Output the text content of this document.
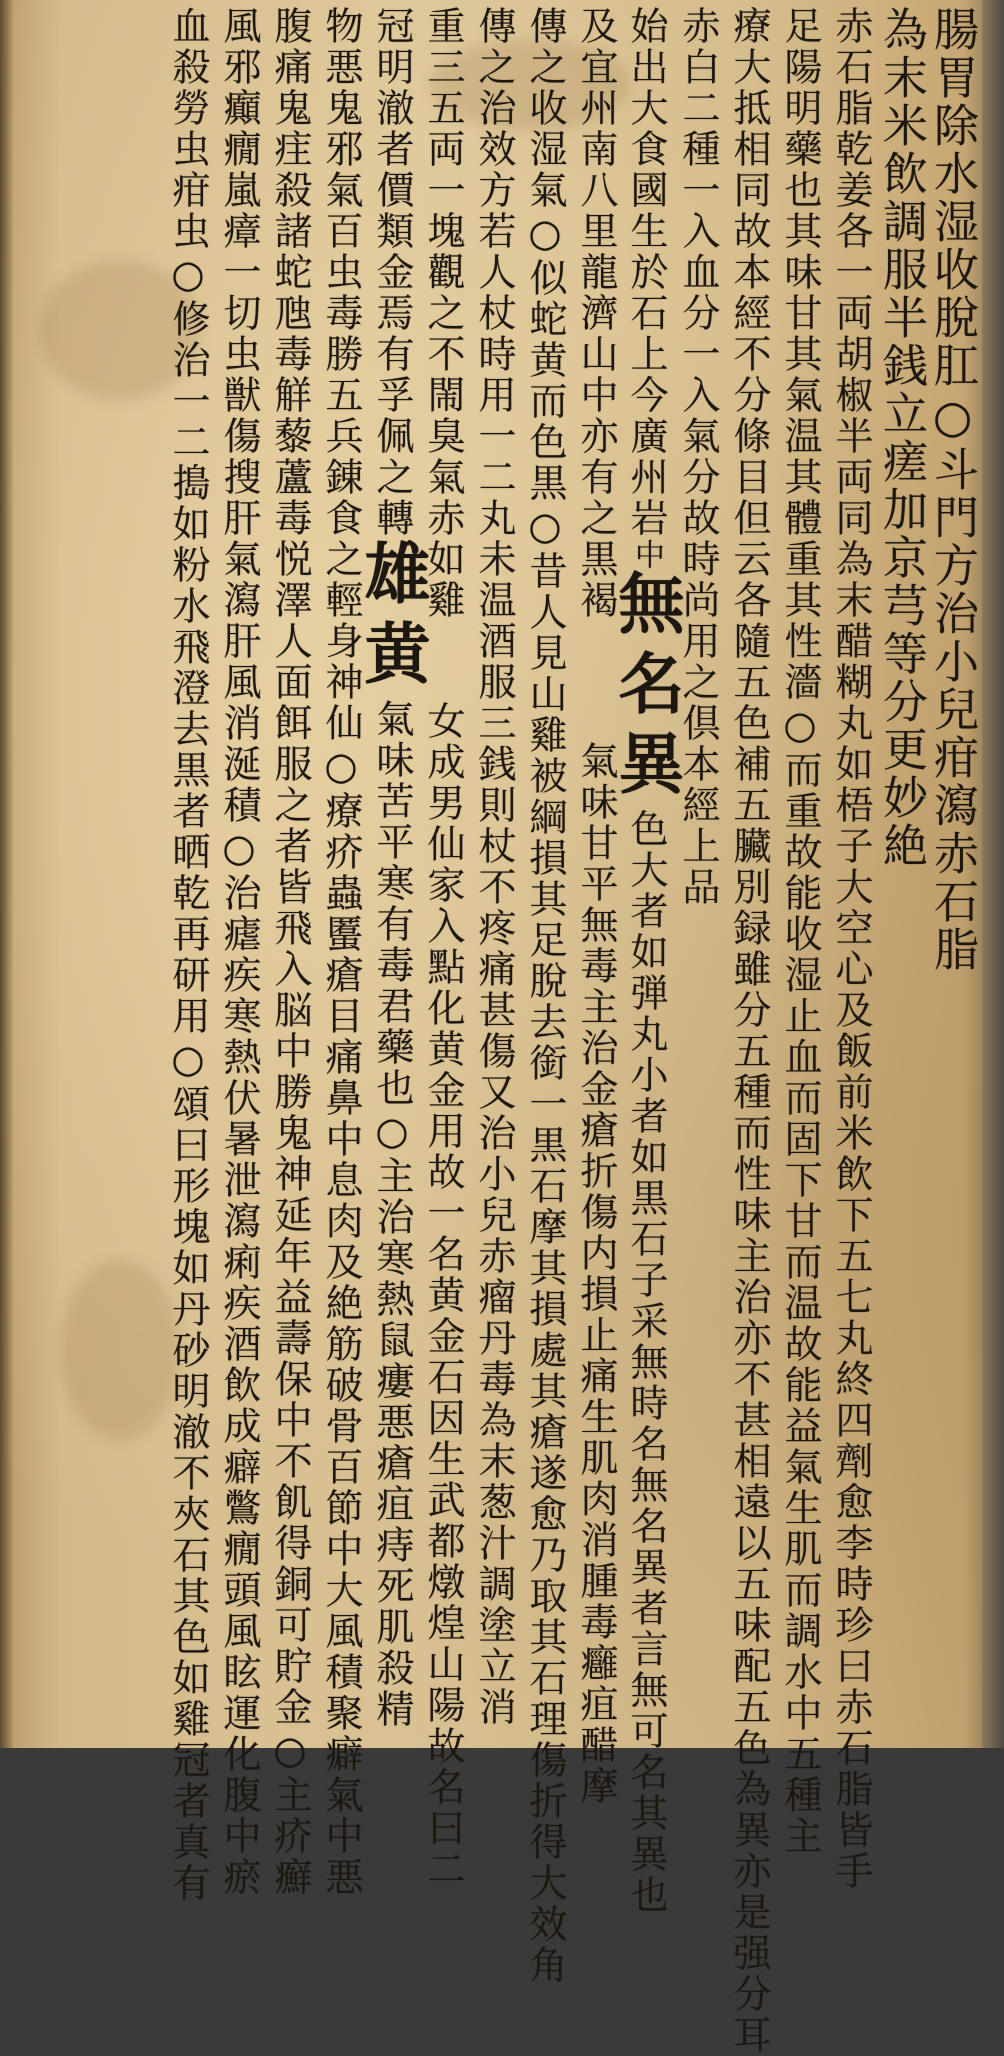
腸胃除水湿收脫肛○斗門方治小兒疳瀉赤石脂
為末米飲調服半銭立瘥加京芎等分更妙絶
赤石脂乾姜各一両胡椒半両同為末醋糊丸如梧子大空心及飯前米飲下五七丸終四劑愈李時珍曰赤石脂皆手
足陽明藥也其味甘其氣温其體重其性濇○而重故能收湿止血而固下甘而温故能益氣生肌而調水中五種主
療大抵相同故本經不分條目但云各隨五色補五臟別録雖分五種而性味主治亦不甚相遠以五味配五色為異亦是强分耳
赤白二種一入血分一入氣分故時尚用之倶本經上品
始出大食國生於石上今廣州岩中無名異色大者如弾丸小者如黒石子采無時名無名異者言無可名其異也
及宜州南八里龍濟山中亦有之黒褐氣味甘平無毒主治金瘡折傷内損止痛生肌肉消腫毒癰疽醋摩
傳之收湿氣○似蛇黄而色黒○昔人見山雞被綱損其足脫去銜一黒石摩其損處其瘡遂愈乃取其石理傷折得大效角
傳之治效方若人杖時用一二丸未温酒服三銭則杖不疼痛甚傷又治小兒赤瘤丹毒為末葱汁調塗立消
重三五両一塊觀之不閙臭氣赤如雞女成男仙家入點化黄金用故一名黄金石因生武都燉煌山陽故名曰二
冠明澈者價類金焉有孚佩之轉雄黄氣味苦平寒有毒君藥也○主治寒熱鼠瘻悪瘡疽痔死肌殺精
物悪鬼邪氣百虫毒勝五兵錬食之輕身神仙○療疥蟲𧏾瘡目痛鼻中息肉及絶筋破骨百節中大風積聚癖氣中悪
腹痛鬼疰殺諸蛇虺毒觧藜蘆毒悦澤人面餌服之者皆飛入脳中勝鬼神延年益壽保中不飢得銅可貯金○主疥癬
風邪癲癇嵐瘴一切虫獣傷搜肝氣瀉肝風消涎積○治瘧疾寒熱伏暑泄瀉痢疾酒飲成癖鷩癇頭風眩運化腹中瘀
血殺勞虫疳虫○修治一二搗如粉水飛澄去黒者晒乾再研用○頌曰形塊如丹砂明澈不夾石其色如雞冠者真有
